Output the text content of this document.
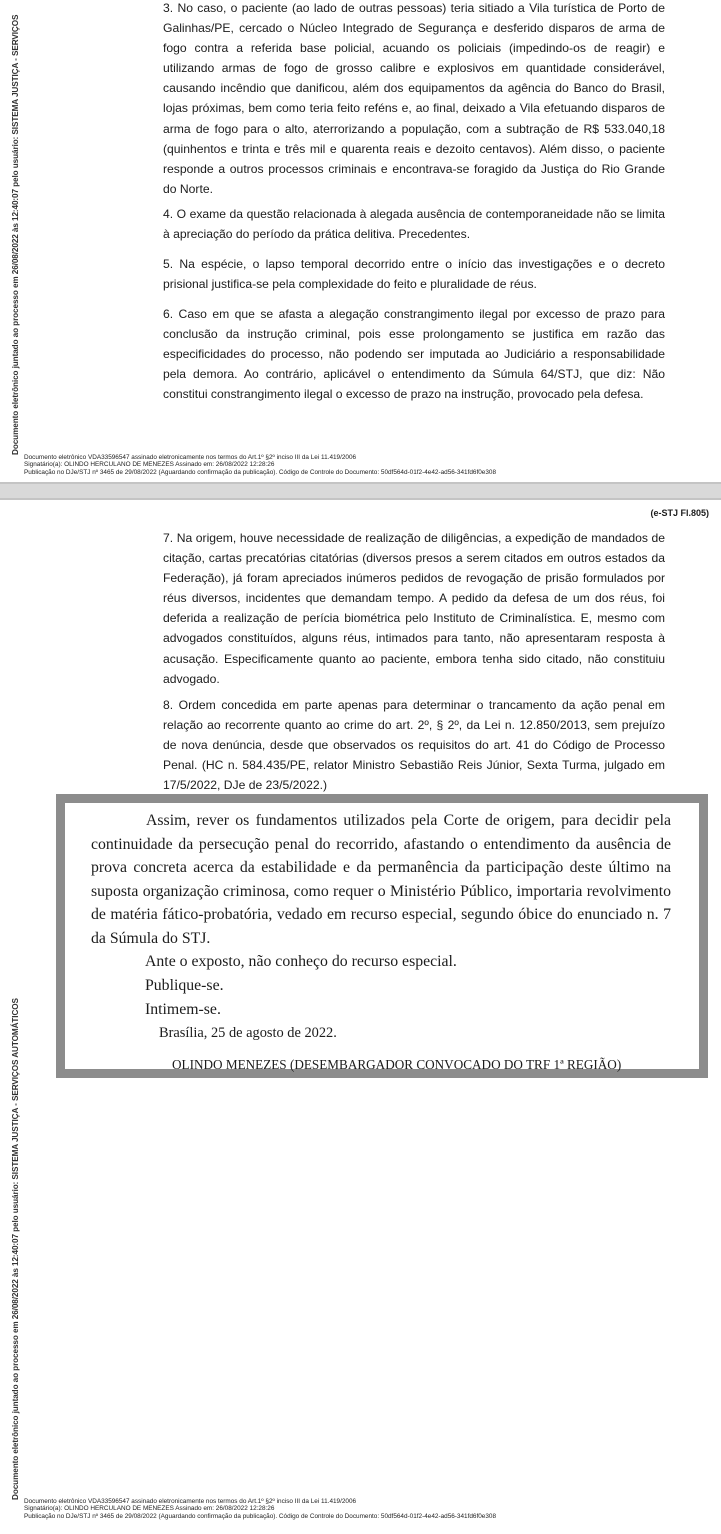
Documento eletrônico juntado ao processo em 26/08/2022 às 12:40:07 pelo usuário: SISTEMA JUSTIÇA - SERVIÇOS

3. No caso, o paciente (ao lado de outras pessoas) teria sitiado a Vila turística de Porto de Galinhas/PE, cercado o Núcleo Integrado de Segurança e desferido disparos de arma de fogo contra a referida base policial, acuando os policiais (impedindo-os de reagir) e utilizando armas de fogo de grosso calibre e explosivos em quantidade considerável, causando incêndio que danificou, além dos equipamentos da agência do Banco do Brasil, lojas próximas, bem como teria feito reféns e, ao final, deixado a Vila efetuando disparos de arma de fogo para o alto, aterrorizando a população, com a subtração de R$ 533.040,18 (quinhentos e trinta e três mil e quarenta reais e dezoito centavos). Além disso, o paciente responde a outros processos criminais e encontrava-se foragido da Justiça do Rio Grande do Norte.

4. O exame da questão relacionada à alegada ausência de contemporaneidade não se limita à apreciação do período da prática delitiva. Precedentes.

5. Na espécie, o lapso temporal decorrido entre o início das investigações e o decreto prisional justifica-se pela complexidade do feito e pluralidade de réus.

6. Caso em que se afasta a alegação constrangimento ilegal por excesso de prazo para conclusão da instrução criminal, pois esse prolongamento se justifica em razão das especificidades do processo, não podendo ser imputada ao Judiciário a responsabilidade pela demora. Ao contrário, aplicável o entendimento da Súmula 64/STJ, que diz: Não constitui constrangimento ilegal o excesso de prazo na instrução, provocado pela defesa.

Documento eletrônico VDA33596547 assinado eletronicamente nos termos do Art.1º §2º inciso III da Lei 11.419/2006
Signatário(a): OLINDO HERCULANO DE MENEZES Assinado em: 26/08/2022 12:28:26
Publicação no DJe/STJ nº 3465 de 29/08/2022 (Aguardando confirmação da publicação). Código de Controle do Documento: 50df564d-01f2-4e42-ad56-341fd6f0e308
(e-STJ Fl.805)

7. Na origem, houve necessidade de realização de diligências, a expedição de mandados de citação, cartas precatórias citatórias (diversos presos a serem citados em outros estados da Federação), já foram apreciados inúmeros pedidos de revogação de prisão formulados por réus diversos, incidentes que demandam tempo. A pedido da defesa de um dos réus, foi deferida a realização de perícia biométrica pelo Instituto de Criminalística. E, mesmo com advogados constituídos, alguns réus, intimados para tanto, não apresentaram resposta à acusação. Especificamente quanto ao paciente, embora tenha sido citado, não constituiu advogado.

8. Ordem concedida em parte apenas para determinar o trancamento da ação penal em relação ao recorrente quanto ao crime do art. 2º, § 2º, da Lei n. 12.850/2013, sem prejuízo de nova denúncia, desde que observados os requisitos do art. 41 do Código de Processo Penal. (HC n. 584.435/PE, relator Ministro Sebastião Reis Júnior, Sexta Turma, julgado em 17/5/2022, DJe de 23/5/2022.)

Assim, rever os fundamentos utilizados pela Corte de origem, para decidir pela continuidade da persecução penal do recorrido, afastando o entendimento da ausência de prova concreta acerca da estabilidade e da permanência da participação deste último na suposta organização criminosa, como requer o Ministério Público, importaria revolvimento de matéria fático-probatória, vedado em recurso especial, segundo óbice do enunciado n. 7 da Súmula do STJ.

Ante o exposto, não conheço do recurso especial.

Publique-se.

Intimem-se.

Brasília, 25 de agosto de 2022.

OLINDO MENEZES (DESEMBARGADOR CONVOCADO DO TRF 1ª REGIÃO)

Documento eletrônico juntado ao processo em 26/08/2022 às 12:40:07 pelo usuário: SISTEMA JUSTIÇA - SERVIÇOS AUTOMÁTICOS
Documento eletrônico VDA33596547 assinado eletronicamente nos termos do Art.1º §2º inciso III da Lei 11.419/2006
Signatário(a): OLINDO HERCULANO DE MENEZES Assinado em: 26/08/2022 12:28:26
Publicação no DJe/STJ nº 3465 de 29/08/2022 (Aguardando confirmação da publicação). Código de Controle do Documento: 50df564d-01f2-4e42-ad56-341fd6f0e308
